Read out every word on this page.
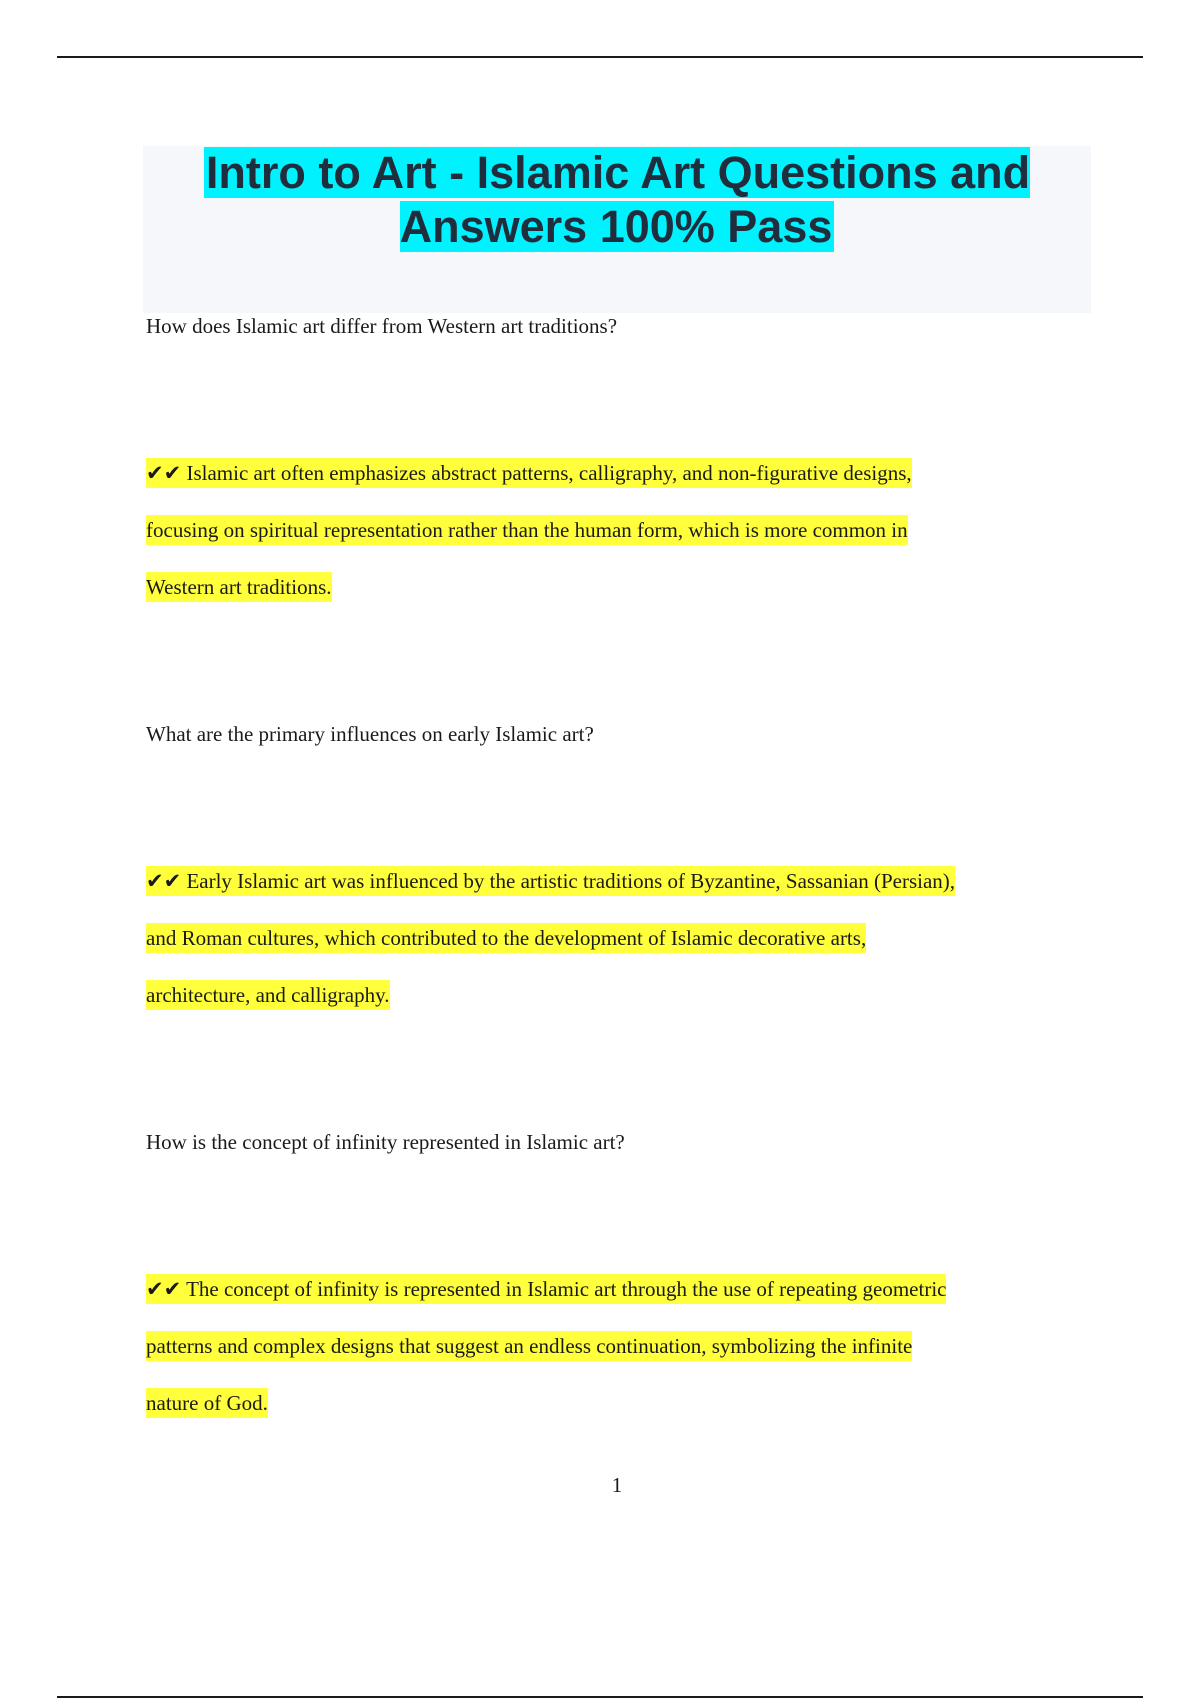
Intro to Art - Islamic Art Questions and Answers 100% Pass

How does Islamic art differ from Western art traditions?

✔✔ Islamic art often emphasizes abstract patterns, calligraphy, and non-figurative designs,
focusing on spiritual representation rather than the human form, which is more common in
Western art traditions.

What are the primary influences on early Islamic art?

✔✔ Early Islamic art was influenced by the artistic traditions of Byzantine, Sassanian (Persian),
and Roman cultures, which contributed to the development of Islamic decorative arts,
architecture, and calligraphy.

How is the concept of infinity represented in Islamic art?

✔✔ The concept of infinity is represented in Islamic art through the use of repeating geometric
patterns and complex designs that suggest an endless continuation, symbolizing the infinite
nature of God.

1
